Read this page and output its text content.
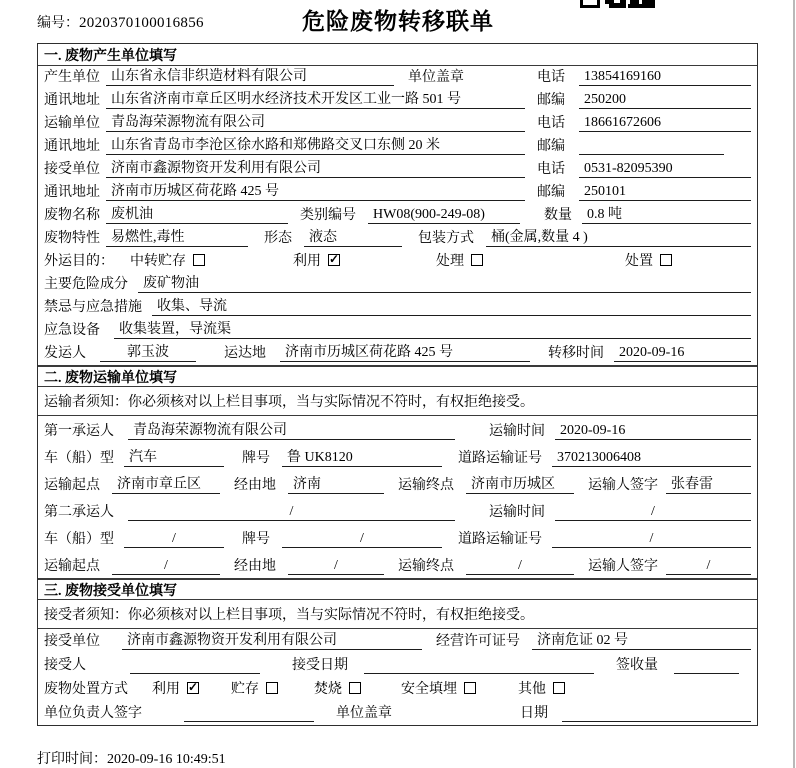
编号：2020370100016856	危险废物转移联单
一. 废物产生单位填写
产生单位 山东省永信非织造材料有限公司	单位盖章	电话	13854169160
通讯地址 山东省济南市章丘区明水经济技术开发区工业一路 501 号	邮编	250200
运输单位 青岛海荣源物流有限公司	电话	18661672606
通讯地址 山东省青岛市李沧区徐水路和郑佛路交叉口东侧 20 米	邮编
接受单位 济南市鑫源物资开发利用有限公司	电话	0531-82095390
通讯地址 济南市历城区荷花路 425 号	邮编	250101
废物名称 废机油	类别编号	HW08(900-249-08)	数量	0.8 吨
废物特性 易燃性,毒性	形态	液态	包装方式	桶(金属,数量 4 )
外运目的： 中转贮存	利用 ✓	处理	处置
主要危险成分	废矿物油
禁忌与应急措施	收集、导流
应急设备	收集装置，导流渠
发运人	郭玉波	运达地	济南市历城区荷花路 425 号	转移时间	2020-09-16
二. 废物运输单位填写
运输者须知：你必须核对以上栏目事项，当与实际情况不符时，有权拒绝接受。
第一承运人	青岛海荣源物流有限公司	运输时间	2020-09-16
车（船）型	汽车	牌号	鲁 UK8120	道路运输证号	370213006408
运输起点	济南市章丘区	经由地	济南	运输终点	济南市历城区	运输人签字 张春雷
第二承运人	/	运输时间	/
车（船）型	/	牌号	/	道路运输证号	/
运输起点	/	经由地	/	运输终点	/	运输人签字	/
三. 废物接受单位填写
接受者须知：你必须核对以上栏目事项，当与实际情况不符时，有权拒绝接受。
接受单位	济南市鑫源物资开发利用有限公司	经营许可证号	济南危证 02 号
接受人	接受日期	签收量
废物处置方式 利用 ✓	贮存	焚烧	安全填埋	其他
单位负责人签字	单位盖章	日期
打印时间：2020-09-16 10:49:51
